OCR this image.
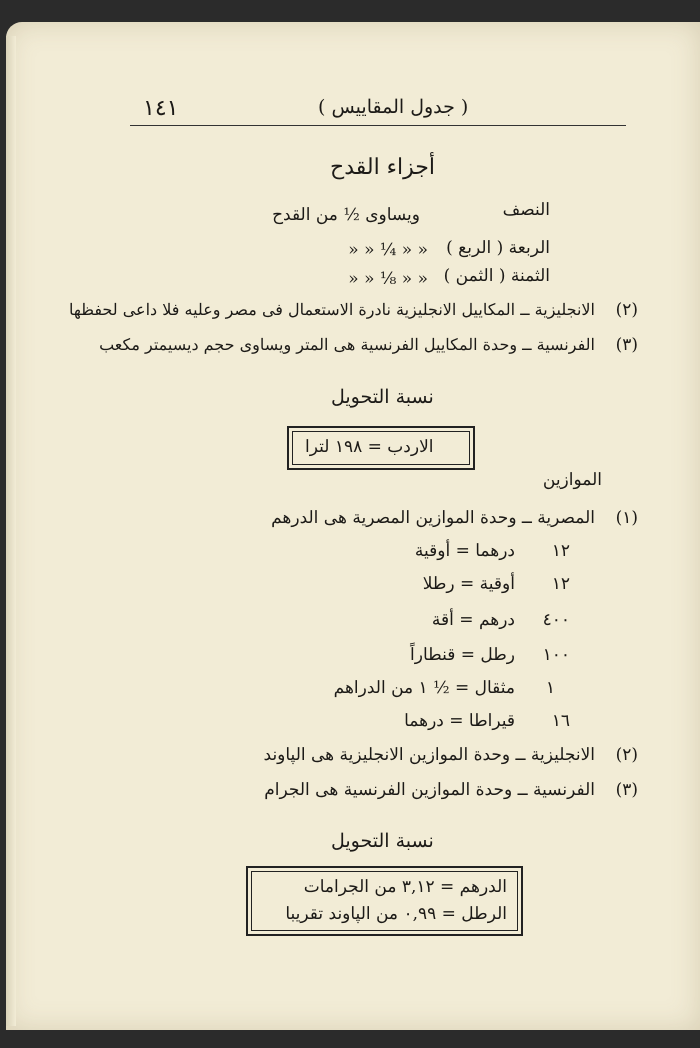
١٤١	( جدول المقاييس )
أجزاء القدح
النصف
ويساوى ½ من القدح
الربعة ( الربع )
« « ¼ « «
الثمنة ( الثمن )
« « ⅛ « «
(٢)
الانجليزية ــ المكاييل الانجليزية نادرة الاستعمال فى مصر وعليه فلا داعى لحفظها
(٣)
الفرنسية ــ وحدة المكاييل الفرنسية هى المتر ويساوى حجم ديسيمتر مكعب
نسبة التحويل
الاردب = ١٩٨ لترا
الموازين
(١)
المصرية ــ وحدة الموازين المصرية هى الدرهم
١٢
درهما = أوقية
١٢
أوقية = رطلا
٤٠٠
درهم = أقة
١٠٠
رطل = قنطاراً
١
مثقال = ½ ١ من الدراهم
١٦
قيراطا = درهما
(٢)
الانجليزية ــ وحدة الموازين الانجليزية هى الپاوند
(٣)
الفرنسية ــ وحدة الموازين الفرنسية هى الجرام
نسبة التحويل
الدرهم = ٣,١٢ من الجرامات
الرطل = ٠,٩٩ من الپاوند تقريبا
